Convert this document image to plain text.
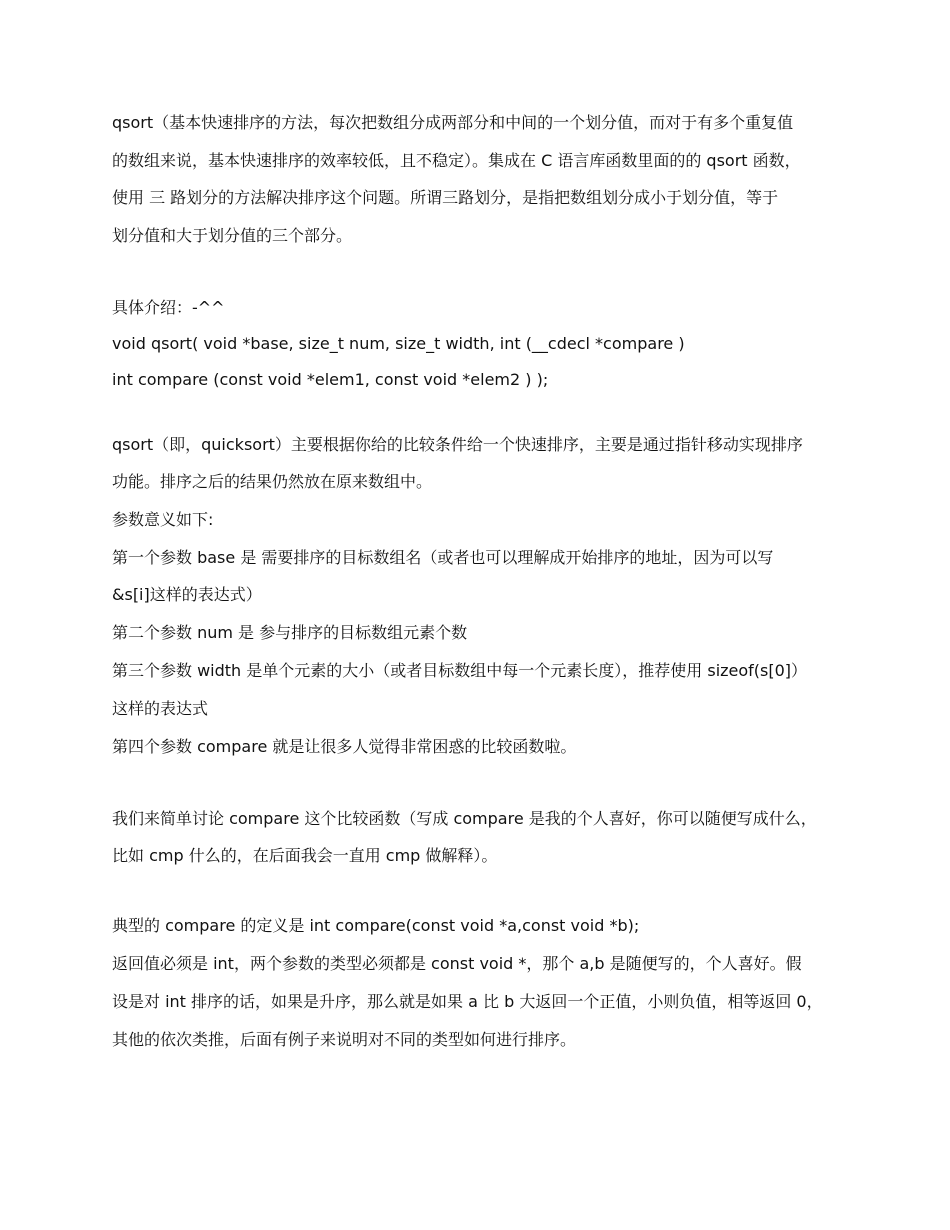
qsort（基本快速排序的方法，每次把数组分成两部分和中间的一个划分值，而对于有多个重复值
的数组来说，基本快速排序的效率较低，且不稳定）。集成在 C 语言库函数里面的的 qsort 函数，
使用 三 路划分的方法解决排序这个问题。所谓三路划分，是指把数组划分成小于划分值，等于
划分值和大于划分值的三个部分。
具体介绍：-^^
void qsort( void *base, size_t num, size_t width, int (__cdecl *compare )
int compare (const void *elem1, const void *elem2 ) );
qsort（即，quicksort）主要根据你给的比较条件给一个快速排序，主要是通过指针移动实现排序
功能。排序之后的结果仍然放在原来数组中。
参数意义如下:
第一个参数 base 是 需要排序的目标数组名（或者也可以理解成开始排序的地址，因为可以写
&s[i]这样的表达式）
第二个参数 num 是 参与排序的目标数组元素个数
第三个参数 width 是单个元素的大小（或者目标数组中每一个元素长度），推荐使用 sizeof(s[0]）
这样的表达式
第四个参数 compare 就是让很多人觉得非常困惑的比较函数啦。
我们来简单讨论 compare 这个比较函数（写成 compare 是我的个人喜好，你可以随便写成什么，
比如 cmp 什么的，在后面我会一直用 cmp 做解释）。
典型的 compare 的定义是 int compare(const void *a,const void *b);
返回值必须是 int，两个参数的类型必须都是 const void *，那个 a,b 是随便写的，个人喜好。假
设是对 int 排序的话，如果是升序，那么就是如果 a 比 b 大返回一个正值，小则负值，相等返回 0，
其他的依次类推，后面有例子来说明对不同的类型如何进行排序。
